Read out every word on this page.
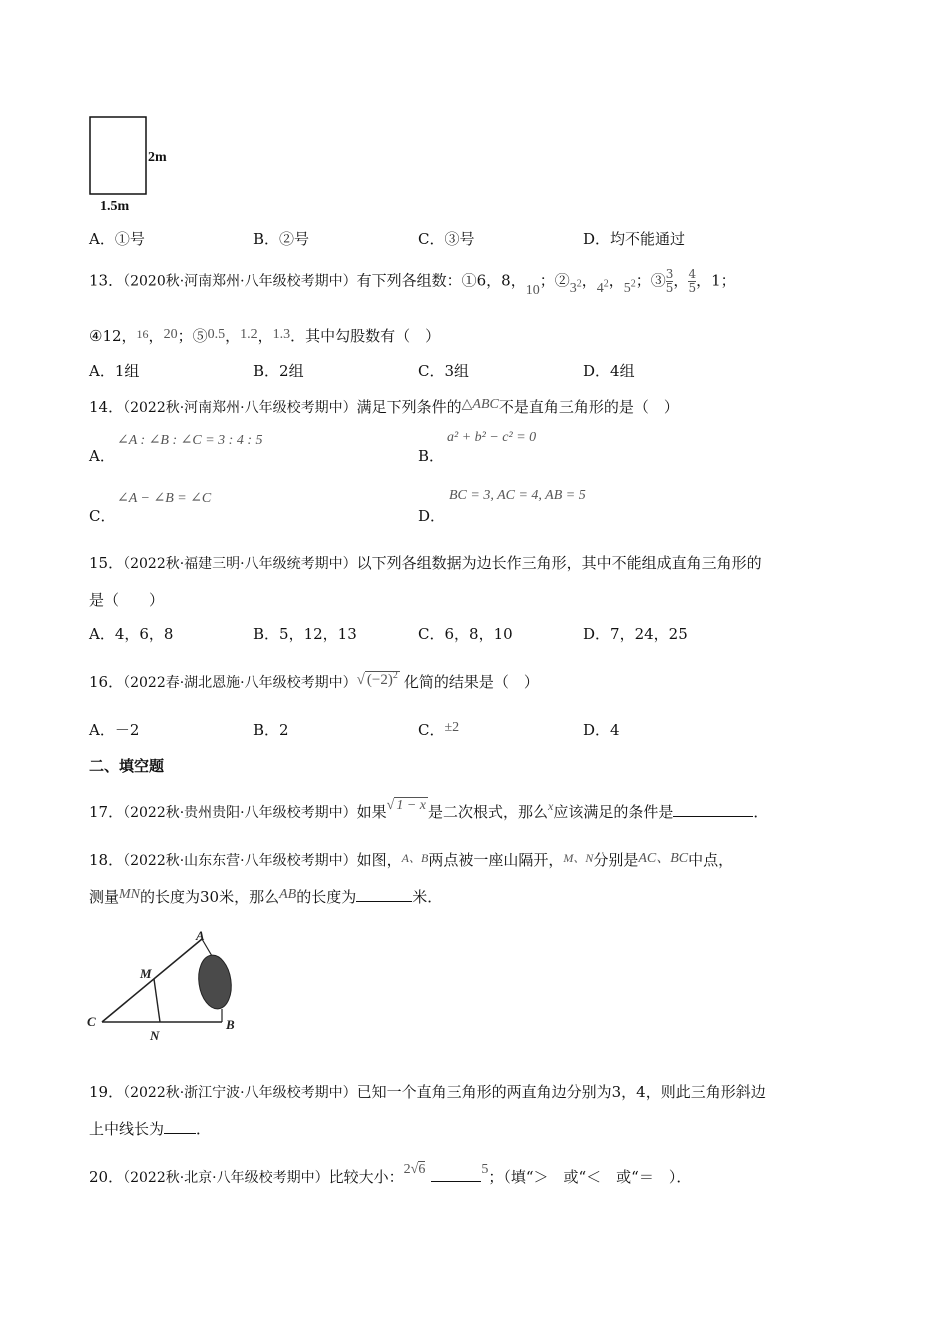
2m
1.5m
A．①号	B．②号	C．③号	D．均不能通过
13．（2020秋·河南郑州·八年级校考期中）有下列各组数：①6，8，10；$②3^2$，$4^2$，$5^2$；③ $\frac{3}{5}$ ， $\frac{4}{5}$ ，1；
④12，$^{16}$，20；⑤0.5，1.2，1.3．其中勾股数有（　）
A．1组	B．2组	C．3组	D．4组
14．（2022秋·河南郑州·八年级校考期中）满足下列条件的△ABC不是直角三角形的是（　）
∠A : ∠B : ∠C = 3 : 4 : 5
A．
a² + b² − c² = 0
B．
∠A − ∠B = ∠C
C．
BC = 3, AC = 4, AB = 5
D．
15．（2022秋·福建三明·八年级统考期中）以下列各组数据为边长作三角形，其中不能组成直角三角形的
是（　　）
A．4，6，8	B．5，12，13	C．6，8，10	D．7，24，25
16．（2022春·湖北恩施·八年级校考期中）√ $(-2)^2$ 化简的结果是（　）
A．－2	B．2	C．±2	D．4
二、填空题
17．（2022秋·贵州贵阳·八年级校考期中）如果√ 1 − x 是二次根式，那么$^x$应该满足的条件是	．
18．（2022秋·山东东营·八年级校考期中）如图，$^{A、B}$两点被一座山隔开，$^{M、N}$分别是AC、BC中点，
测量MN的长度为30米，那么AB的长度为	米．
A
B
C
M
N
19．（2022秋·浙江宁波·八年级校考期中）已知一个直角三角形的两直角边分别为3，4，则此三角形斜边
上中线长为 ．
20．（2022秋·北京·八年级校考期中）比较大小：2√6	5；（填“＞　或“＜　或“＝　）．
